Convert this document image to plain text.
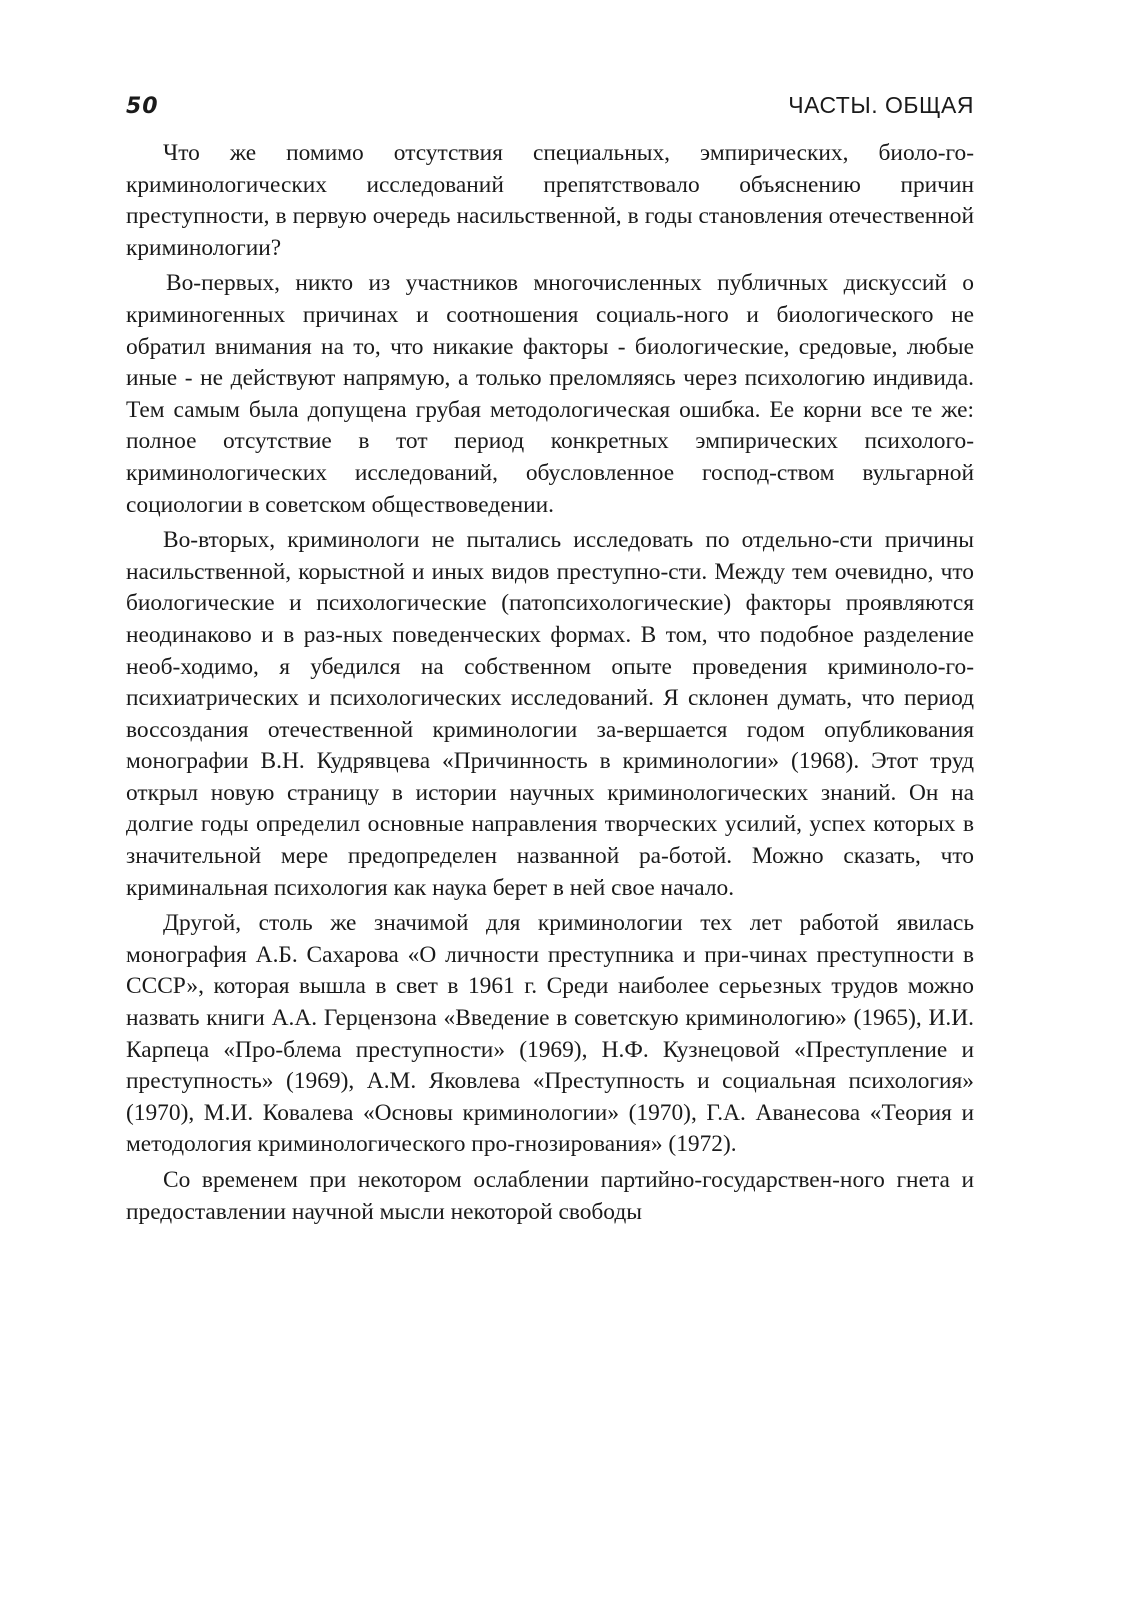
50	ЧАСТЫ. ОБЩАЯ

Что же помимо отсутствия специальных, эмпирических, биоло-го-криминологических исследований препятствовало объяснению причин преступности, в первую очередь насильственной, в годы становления отечественной криминологии?

Во-первых, никто из участников многочисленных публичных дискуссий о криминогенных причинах и соотношения социаль-ного и биологического не обратил внимания на то, что никакие факторы - биологические, средовые, любые иные - не действуют напрямую, а только преломляясь через психологию индивида. Тем самым была допущена грубая методологическая ошибка. Ее корни все те же: полное отсутствие в тот период конкретных эмпирических психолого-криминологических исследований, обусловленное господ-ством вульгарной социологии в советском обществоведении.

Во-вторых, криминологи не пытались исследовать по отдельно-сти причины насильственной, корыстной и иных видов преступно-сти. Между тем очевидно, что биологические и психологические (патопсихологические) факторы проявляются неодинаково и в раз-ных поведенческих формах. В том, что подобное разделение необ-ходимо, я убедился на собственном опыте проведения криминоло-го-психиатрических и психологических исследований. Я склонен думать, что период воссоздания отечественной криминологии за-вершается годом опубликования монографии В.Н. Кудрявцева «Причинность в криминологии» (1968). Этот труд открыл новую страницу в истории научных криминологических знаний. Он на долгие годы определил основные направления творческих усилий, успех которых в значительной мере предопределен названной ра-ботой. Можно сказать, что криминальная психология как наука берет в ней свое начало.

Другой, столь же значимой для криминологии тех лет работой явилась монография А.Б. Сахарова «О личности преступника и при-чинах преступности в СССР», которая вышла в свет в 1961 г. Среди наиболее серьезных трудов можно назвать книги А.А. Герцензона «Введение в советскую криминологию» (1965), И.И. Карпеца «Про-блема преступности» (1969), Н.Ф. Кузнецовой «Преступление и преступность» (1969), А.М. Яковлева «Преступность и социальная психология» (1970), М.И. Ковалева «Основы криминологии» (1970), Г.А. Аванесова «Теория и методология криминологического про-гнозирования» (1972).

Со временем при некотором ослаблении партийно-государствен-ного гнета и предоставлении научной мысли некоторой свободы
